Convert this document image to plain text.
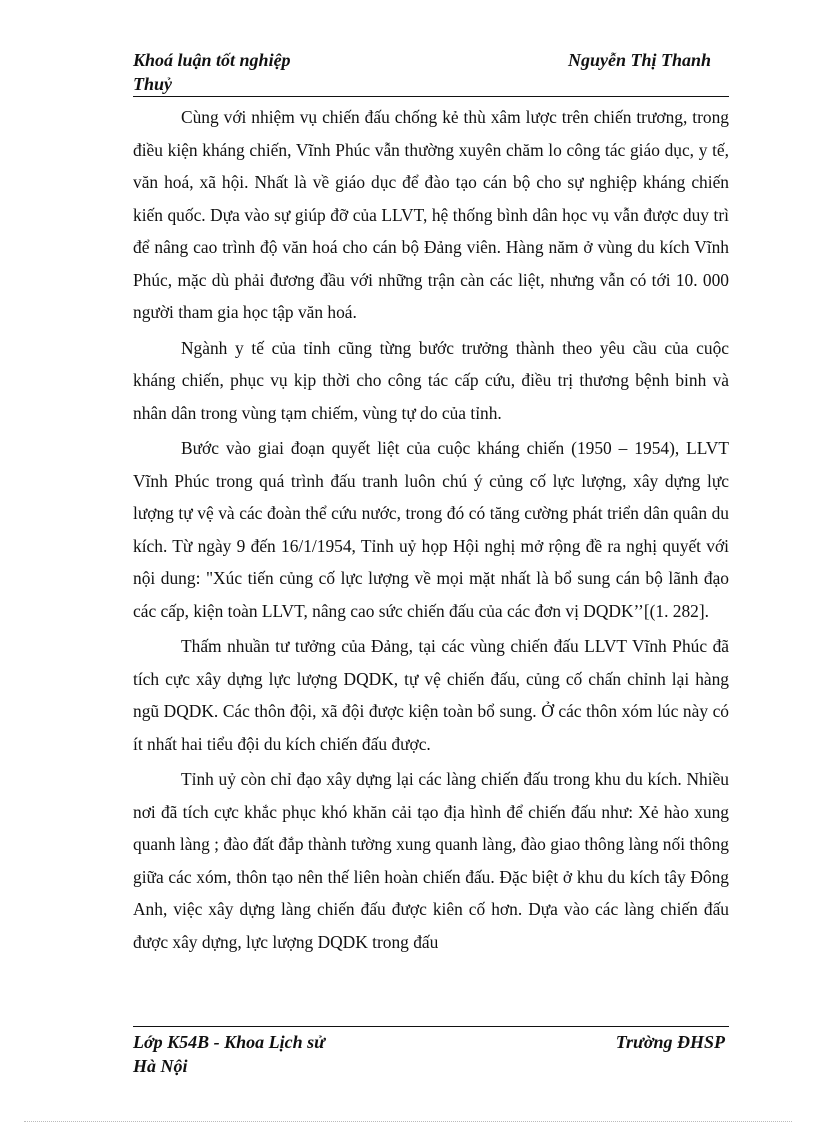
Khoá luận tốt nghiệp	Nguyễn Thị Thanh
Thuỷ

Cùng với nhiệm vụ chiến đấu chống kẻ thù xâm lược trên chiến trương, trong điều kiện kháng chiến, Vĩnh Phúc vẫn thường xuyên chăm lo công tác giáo dục, y tế, văn hoá, xã hội. Nhất là về giáo dục để đào tạo cán bộ cho sự nghiệp kháng chiến kiến quốc. Dựa vào sự giúp đỡ của LLVT, hệ thống bình dân học vụ vẫn được duy trì để nâng cao trình độ văn hoá cho cán bộ Đảng viên. Hàng năm ở vùng du kích Vĩnh Phúc, mặc dù phải đương đầu với những trận càn các liệt, nhưng vẫn có tới 10. 000 người tham gia học tập văn hoá.

Ngành y tế của tỉnh cũng từng bước trưởng thành theo yêu cầu của cuộc kháng chiến, phục vụ kịp thời cho công tác cấp cứu, điều trị thương bệnh binh và nhân dân trong vùng tạm chiếm, vùng tự do của tỉnh.

Bước vào giai đoạn quyết liệt của cuộc kháng chiến (1950 – 1954), LLVT Vĩnh Phúc trong quá trình đấu tranh luôn chú ý củng cố lực lượng, xây dựng lực lượng tự vệ và các đoàn thể cứu nước, trong đó có tăng cường phát triển dân quân du kích. Từ ngày 9 đến 16/1/1954, Tỉnh uỷ họp Hội nghị mở rộng đề ra nghị quyết với nội dung: "Xúc tiến củng cố lực lượng về mọi mặt nhất là bổ sung cán bộ lãnh đạo các cấp, kiện toàn LLVT, nâng cao sức chiến đấu của các đơn vị DQDK’’[(1. 282].

Thấm nhuần tư tưởng của Đảng, tại các vùng chiến đấu LLVT Vĩnh Phúc đã tích cực xây dựng lực lượng DQDK, tự vệ chiến đấu, củng cố chấn chỉnh lại hàng ngũ DQDK. Các thôn đội, xã đội được kiện toàn bổ sung. Ở các thôn xóm lúc này có ít nhất hai tiểu đội du kích chiến đấu được.

Tỉnh uỷ còn chỉ đạo xây dựng lại các làng chiến đấu trong khu du kích. Nhiều nơi đã tích cực khắc phục khó khăn cải tạo địa hình để chiến đấu như: Xẻ hào xung quanh làng ; đào đất đắp thành tường xung quanh làng, đào giao thông làng nối thông giữa các xóm, thôn tạo nên thế liên hoàn chiến đấu. Đặc biệt ở khu du kích tây Đông Anh, việc xây dựng làng chiến đấu được kiên cố hơn. Dựa vào các làng chiến đấu được xây dựng, lực lượng DQDK trong đấu

Lớp K54B - Khoa Lịch sử	Trường ĐHSP
Hà Nội
